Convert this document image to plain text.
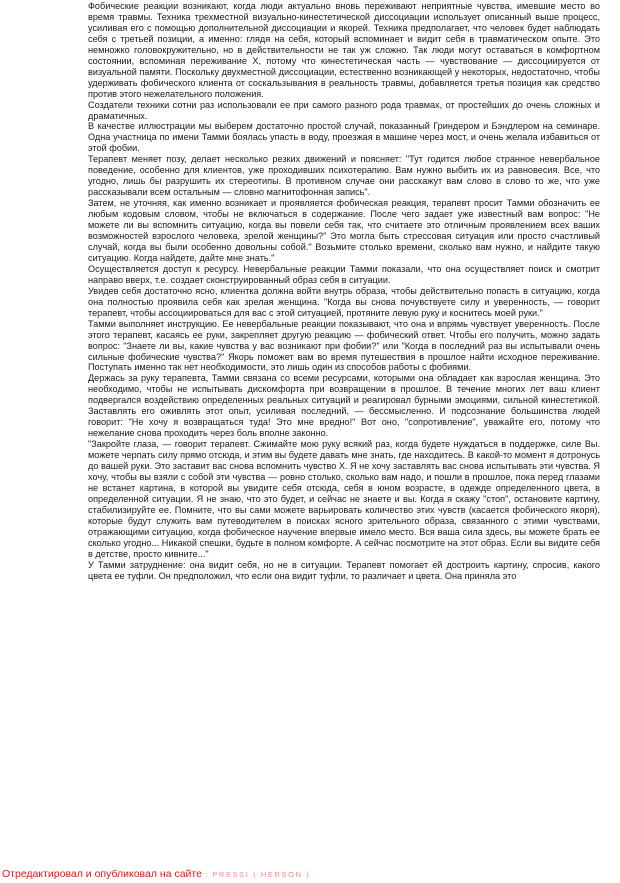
Фобические реакции возникают, когда люди актуально вновь переживают неприятные чувства, имевшие место во время травмы. Техника трехместной визуально-кинестетической диссоциации использует описанный выше процесс, усиливая его с помощью дополнительной диссоциации и якорей. Техника предполагает, что человек будет наблюдать себя с третьей позиции, а именно: глядя на себя, который вспоминает и видит себя в травматическом опыте. Это немножко головокружительно, но в действительности не так уж сложно. Так люди могут оставаться в комфортном состоянии, вспоминая переживание X, потому что кинестетическая часть — чувствование — диссоциируется от визуальной памяти. Поскольку двухместной диссоциации, естественно возникающей у некоторых, недостаточно, чтобы удерживать фобического клиента от соскальзывания в реальность травмы, добавляется третья позиция как средство против этого нежелательного положения.

Создатели техники сотни раз использовали ее при самого разного рода травмах, от простейших до очень сложных и драматичных.

В качестве иллюстрации мы выберем достаточно простой случай, показанный Гриндером и Бэндлером на семинаре. Одна участница по имени Тамми боялась упасть в воду, проезжая в машине через мост, и очень желала избавиться от этой фобии.

Терапевт меняет позу, делает несколько резких движений и поясняет: "Тут годится любое странное невербальное поведение, особенно для клиентов, уже проходивших психотерапию. Вам нужно выбить их из равновесия. Все, что угодно, лишь бы разрушить их стереотипы. В противном случае они расскажут вам слово в слово то же, что уже рассказывали всем остальным — словно магнитофонная запись".

Затем, не уточняя, как именно возникает и проявляется фобическая реакция, терапевт просит Тамми обозначить ее любым кодовым словом, чтобы не включаться в содержание. После чего задает уже известный вам вопрос: "Не можете ли вы вспомнить ситуацию, когда вы повели себя так, что считаете это отличным проявлением всех ваших возможностей взрослого человека, зрелой женщины?" Это могла быть стрессовая ситуация или просто счастливый случай, когда вы были особенно довольны собой." Возьмите столько времени, сколько вам нужно, и найдите такую ситуацию. Когда найдете, дайте мне знать."

Осуществляется доступ к ресурсу. Невербальные реакции Тамми показали, что она осуществляет поиск и смотрит направо вверх, т.е. создает сконструированный образ себя в ситуации.

Увидев себя достаточно ясно, клиентка должна войти внутрь образа, чтобы действительно попасть в ситуацию, когда она полностью проявила себя как зрелая женщина. "Когда вы снова почувствуете силу и уверенность, — говорит терапевт, чтобы ассоциироваться для вас с этой ситуацией, протяните левую руку и коснитесь моей руки."

Тамми выполняет инструкцию. Ее невербальные реакции показывают, что она и впрямь чувствует уверенность. После этого терапевт, касаясь ее руки, закрепляет другую реакцию — фобический ответ. Чтобы его получить, можно задать вопрос: "Знаете ли вы, какие чувства у вас возникают при фобии?" или "Когда в последний раз вы испытывали очень сильные фобические чувства?" Якорь поможет вам во время путешествия в прошлое найти исходное переживание. Поступать именно так нет необходимости, это лишь один из способов работы с фобиями.

Держась за руку терапевта, Тамми связана со всеми ресурсами, которыми она обладает как взрослая женщина. Это необходимо, чтобы не испытывать дискомфорта при возвращении в прошлое. В течение многих лет ваш клиент подвергался воздействию определенных реальных ситуаций и реагировал бурными эмоциями, сильной кинестетикой. Заставлять его оживлять этот опыт, усиливая последний, — бессмысленно. И подсознание большинства людей говорит: "Не хочу я возвращаться туда! Это мне вредно!" Вот оно, "сопротивление", уважайте его, потому что нежелание снова проходить через боль вполне законно.

"Закройте глаза, — говорит терапевт. Сжимайте мою руку всякий раз, когда будете нуждаться в поддержке, силе Вы. можете черпать силу прямо отсюда, и этим вы будете давать мне знать, где находитесь. В какой-то момент я дотронусь до вашей руки. Это заставит вас снова вспомнить чувство X. Я не хочу заставлять вас снова испытывать эти чувства. Я хочу, чтобы вы взяли с собой эти чувства — ровно столько, сколько вам надо, и пошли в прошлое, пока перед глазами не встанет картина, в которой вы увидите себя отсюда, себя в юном возрасте, в одежде определенного цвета, в определенной ситуации. Я не знаю, что это будет, и сейчас не знаете и вы. Когда я скажу "стоп", остановите картину, стабилизируйте ее. Помните, что вы сами можете варьировать количество этих чувств (касается фобического якоря), которые будут служить вам путеводителем в поисках ясного зрительного образа, связанного с этими чувствами, отражающими ситуацию, когда фобическое научение впервые имело место. Вся ваша сила здесь, вы можете брать ее сколько угодно... Никакой спешки, будьте в полном комфорте. А сейчас посмотрите на этот образ. Если вы видите себя в детстве, просто кивните..."

У Тамми затруднение: она видит себя, но не в ситуации. Терапевт помогает ей достроить картину, спросив, какого цвета ее туфли. Он предположил, что если она видит туфли, то различает и цвета. Она приняла это

Отредактировал и опубликовал на сайте : PRESSI ( HERSON )
